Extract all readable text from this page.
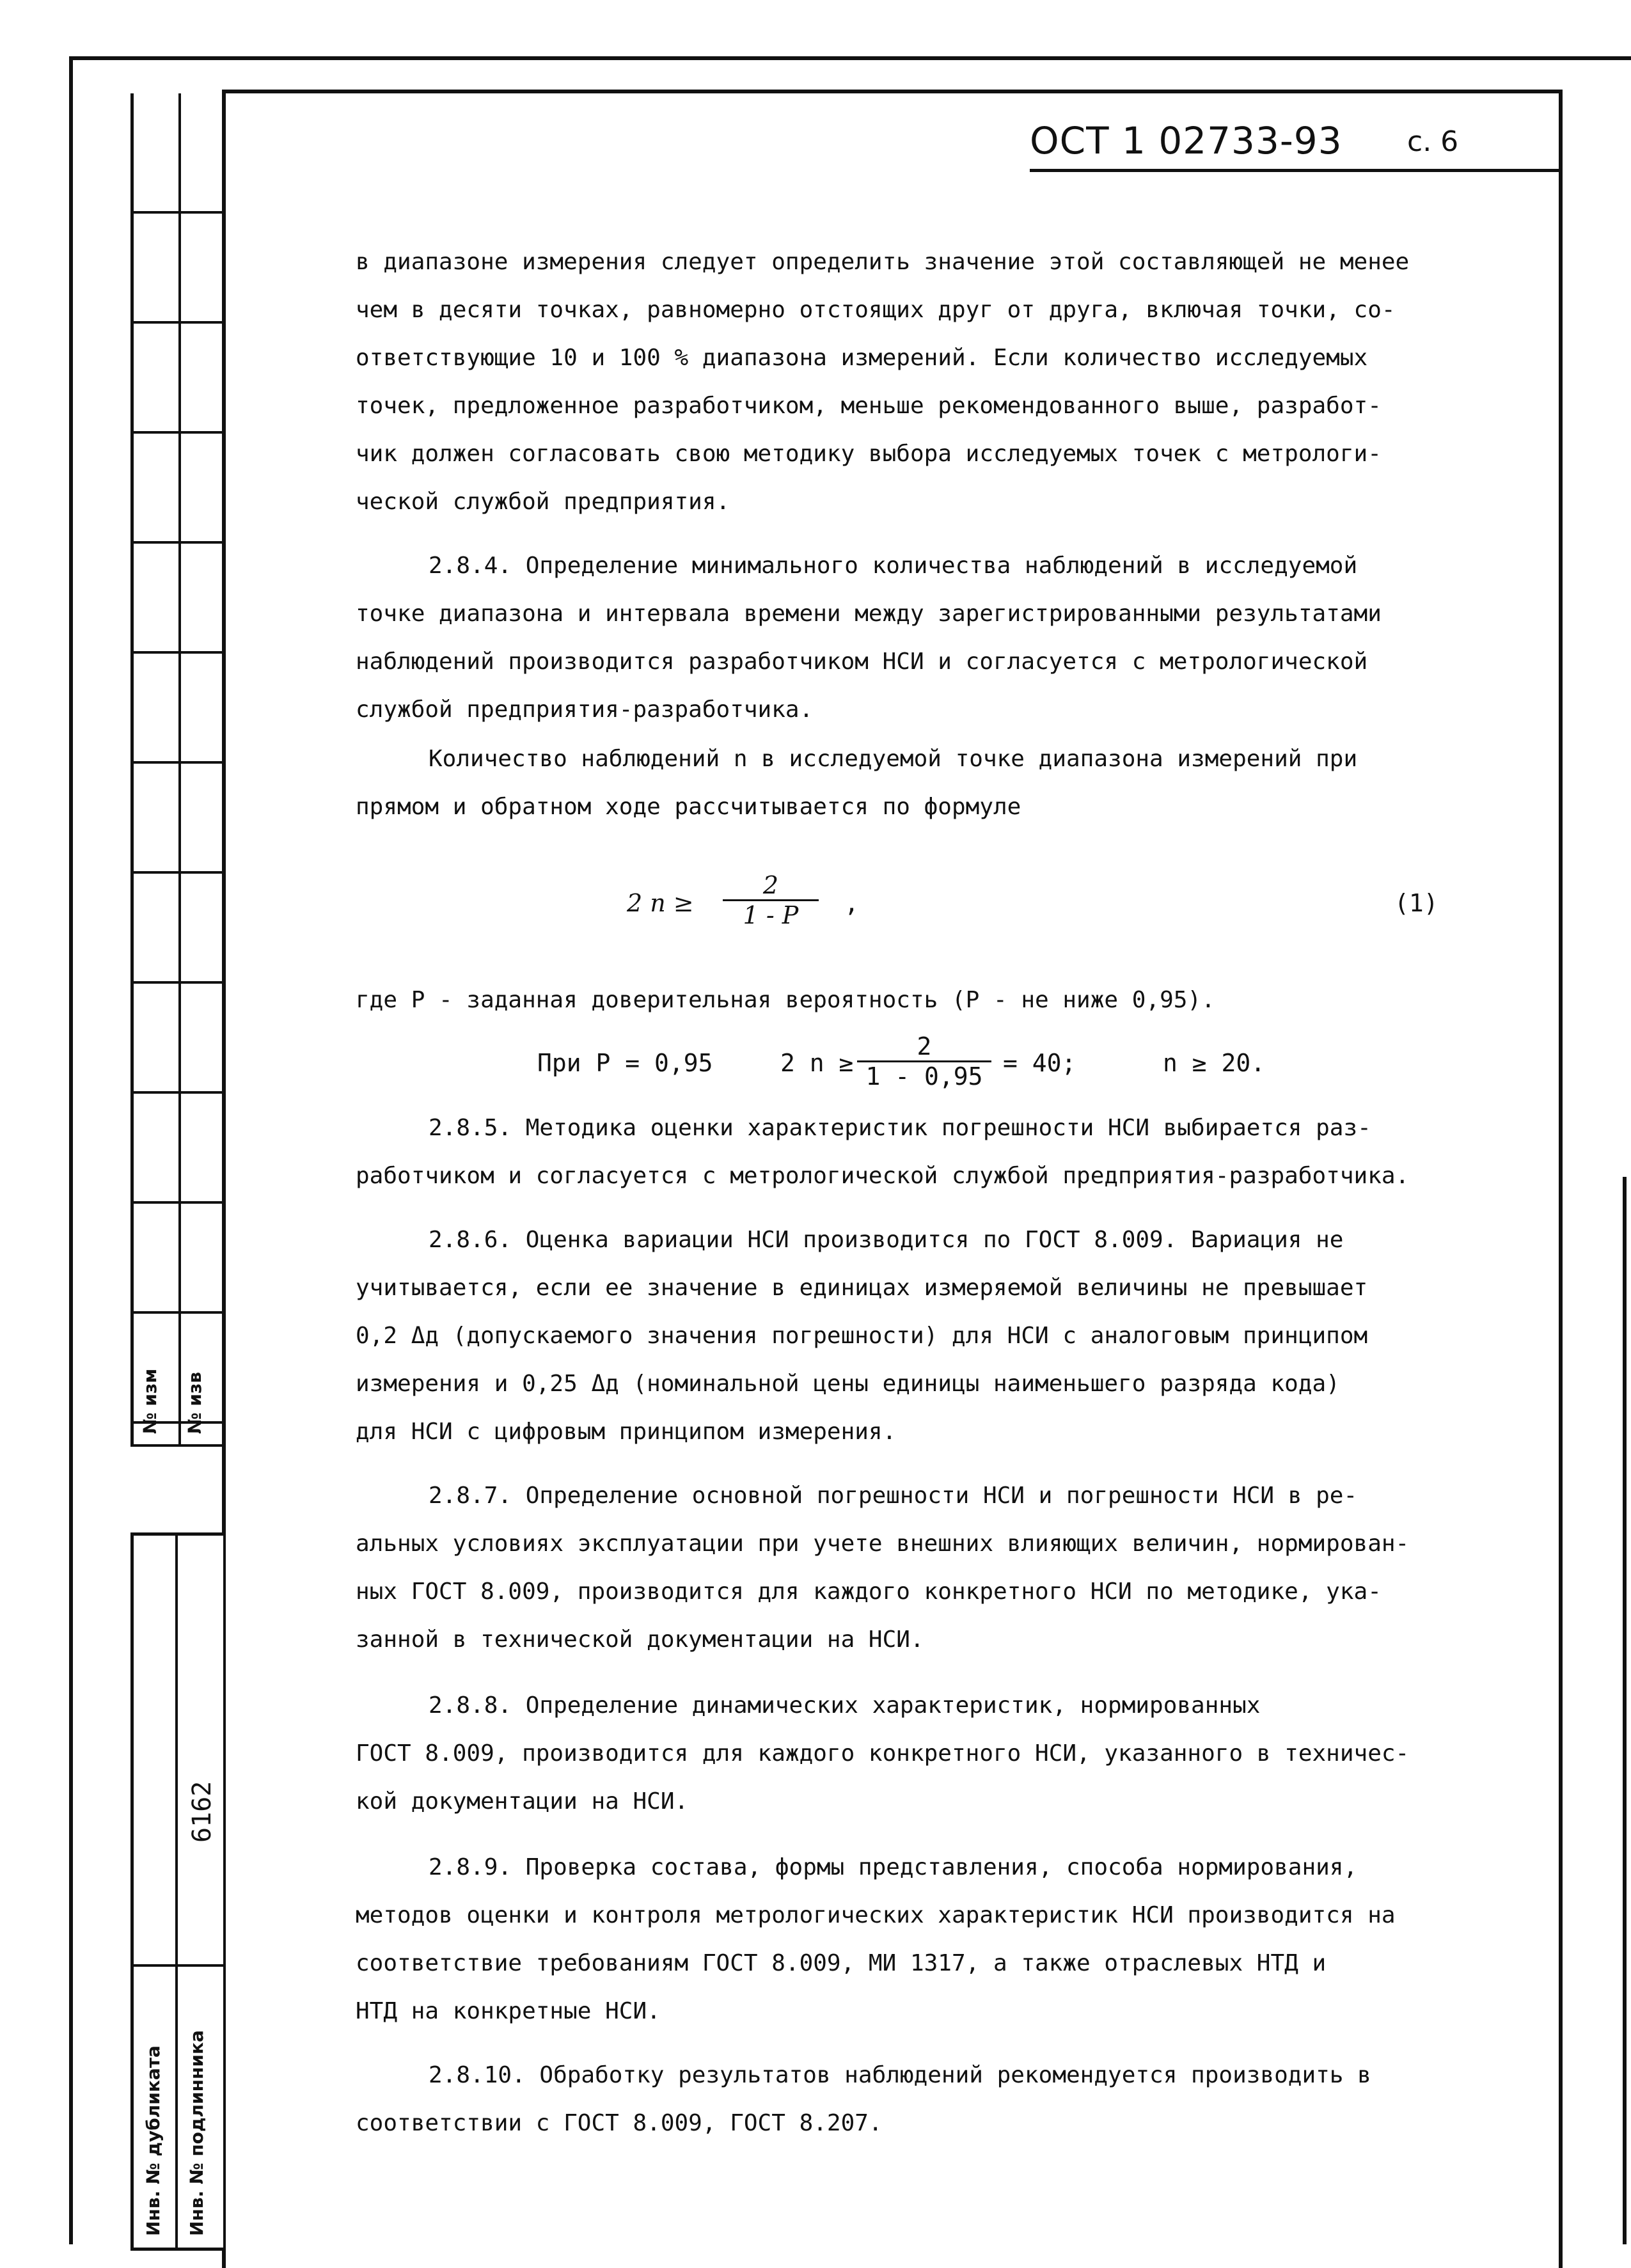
№ изм № изв
6162
Инв. № дубликата Инв. № подлинника
ОСТ 1 02733-93 с. 6
в диапазоне измерения следует определить значение этой составляющей не менее
чем в десяти точках, равномерно отстоящих друг от друга, включая точки, со-
ответствующие 10 и 100 % диапазона измерений. Если количество исследуемых
точек, предложенное разработчиком, меньше рекомендованного выше, разработ-
чик должен согласовать свою методику выбора исследуемых точек с метрологи-
ческой службой предприятия.
2.8.4. Определение минимального количества наблюдений в исследуемой
точке диапазона и интервала времени между зарегистрированными результатами
наблюдений производится разработчиком НСИ и согласуется с метрологической
службой предприятия-разработчика.
Количество наблюдений n в исследуемой точке диапазона измерений при
прямом и обратном ходе рассчитывается по формуле
2 $n \ge \frac{2}{1 - P}$ ,	(1)
где P - заданная доверительная вероятность (Р - не ниже 0,95).
При P = 0,95	2 $n \ge \frac{2}{1 - 0,95} = 40$;	n ≥ 20.
2.8.5. Методика оценки характеристик погрешности НСИ выбирается раз-
работчиком и согласуется с метрологической службой предприятия-разработчика.
2.8.6. Оценка вариации НСИ производится по ГОСТ 8.009. Вариация не
учитывается, если ее значение в единицах измеряемой величины не превышает
0,2 Δд (допускаемого значения погрешности) для НСИ с аналоговым принципом
измерения и 0,25 Δд (номинальной цены единицы наименьшего разряда кода)
для НСИ с цифровым принципом измерения.
2.8.7. Определение основной погрешности НСИ и погрешности НСИ в ре-
альных условиях эксплуатации при учете внешних влияющих величин, нормирован-
ных ГОСТ 8.009, производится для каждого конкретного НСИ по методике, ука-
занной в технической документации на НСИ.
2.8.8. Определение динамических характеристик, нормированных
ГОСТ 8.009, производится для каждого конкретного НСИ, указанного в техничес-
кой документации на НСИ.
2.8.9. Проверка состава, формы представления, способа нормирования,
методов оценки и контроля метрологических характеристик НСИ производится на
соответствие требованиям ГОСТ 8.009, МИ 1317, а также отраслевых НТД и
НТД на конкретные НСИ.
2.8.10. Обработку результатов наблюдений рекомендуется производить в
соответствии с ГОСТ 8.009, ГОСТ 8.207.
